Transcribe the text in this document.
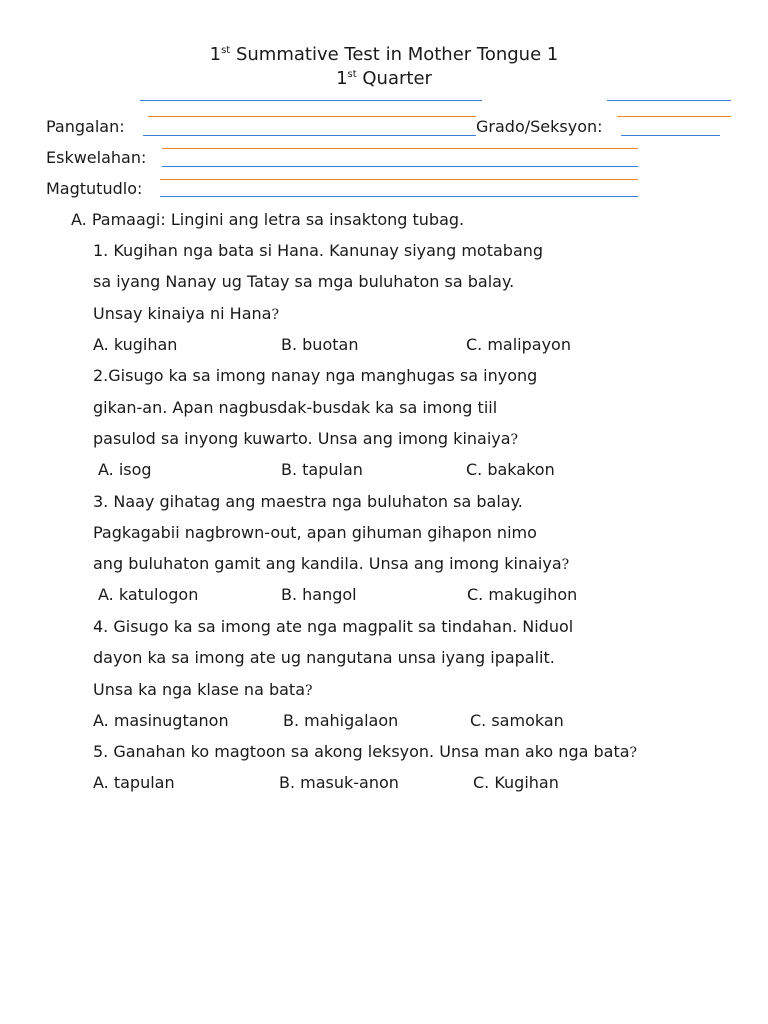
1st Summative Test in Mother Tongue 1
1st Quarter
Pangalan:	Grado/Seksyon:
Eskwelahan:
Magtutudlo:
A. Pamaagi: Lingini ang letra sa insaktong tubag.
1. Kugihan nga bata si Hana. Kanunay siyang motabang
sa iyang Nanay ug Tatay sa mga buluhaton sa balay.
Unsay kinaiya ni Hana?
A. kugihan	B. buotan	C. malipayon
2.Gisugo ka sa imong nanay nga manghugas sa inyong
gikan-an. Apan nagbusdak-busdak ka sa imong tiil
pasulod sa inyong kuwarto. Unsa ang imong kinaiya?
A. isog	B. tapulan	C. bakakon
3. Naay gihatag ang maestra nga buluhaton sa balay.
Pagkagabii nagbrown-out, apan gihuman gihapon nimo
ang buluhaton gamit ang kandila. Unsa ang imong kinaiya?
A. katulogon	B. hangol	C. makugihon
4. Gisugo ka sa imong ate nga magpalit sa tindahan. Niduol
dayon ka sa imong ate ug nangutana unsa iyang ipapalit.
Unsa ka nga klase na bata?
A. masinugtanon	B. mahigalaon	C. samokan
5. Ganahan ko magtoon sa akong leksyon. Unsa man ako nga bata?
A. tapulan	B. masuk-anon	C. Kugihan
